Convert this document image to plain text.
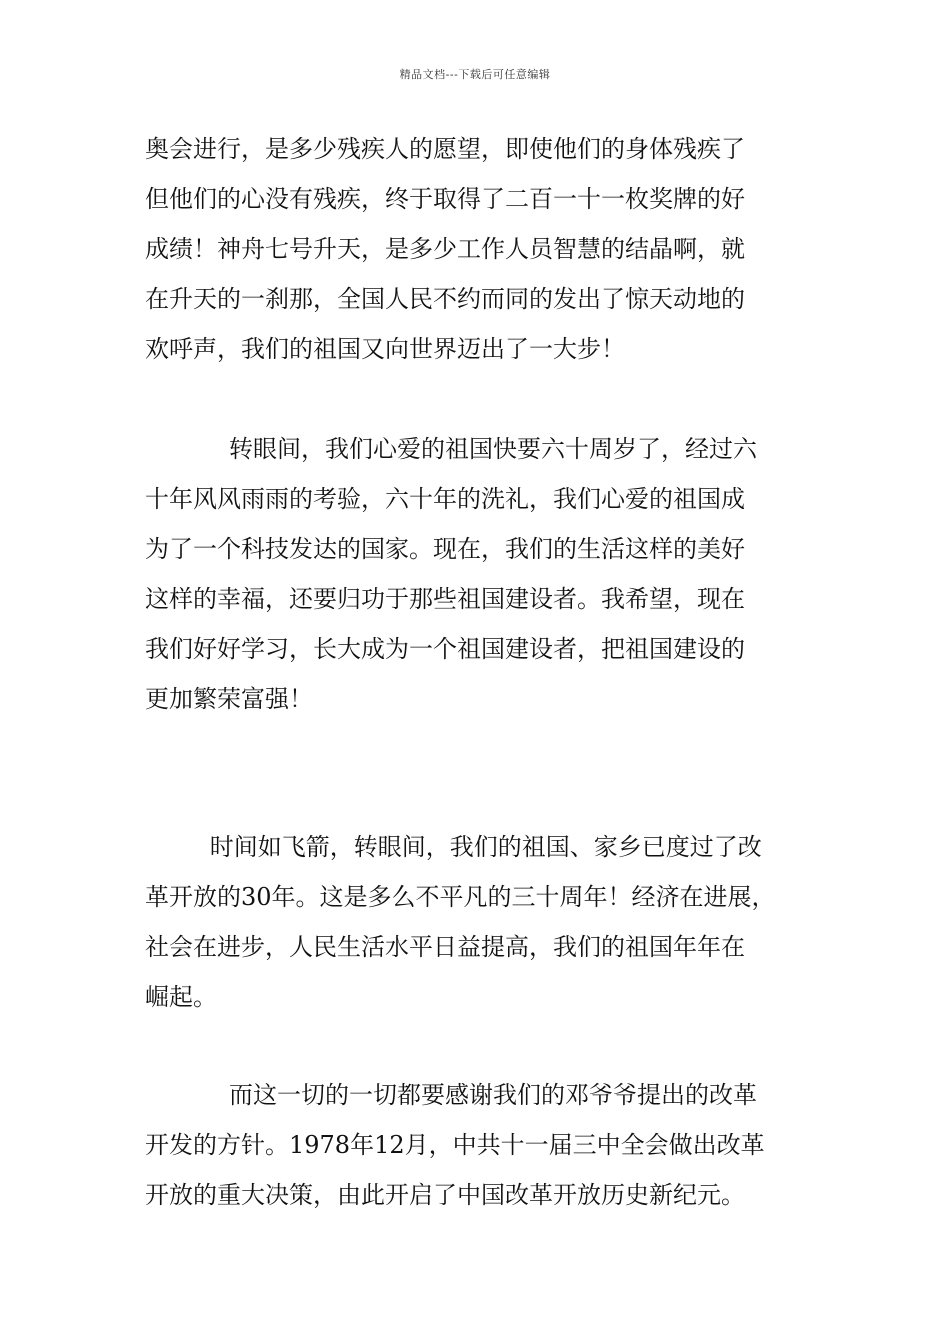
精品文档---下载后可任意编辑
奥会进行，是多少残疾人的愿望，即使他们的身体残疾了
但他们的心没有残疾，终于取得了二百一十一枚奖牌的好
成绩！神舟七号升天，是多少工作人员智慧的结晶啊，就
在升天的一刹那，全国人民不约而同的发出了惊天动地的
欢呼声，我们的祖国又向世界迈出了一大步！
转眼间，我们心爱的祖国快要六十周岁了，经过六
十年风风雨雨的考验，六十年的洗礼，我们心爱的祖国成
为了一个科技发达的国家。现在，我们的生活这样的美好
这样的幸福，还要归功于那些祖国建设者。我希望，现在
我们好好学习，长大成为一个祖国建设者，把祖国建设的
更加繁荣富强！
时间如飞箭，转眼间，我们的祖国、家乡已度过了改
革开放的30年。这是多么不平凡的三十周年！经济在进展，
社会在进步，人民生活水平日益提高，我们的祖国年年在
崛起。
而这一切的一切都要感谢我们的邓爷爷提出的改革
开发的方针。1978年12月，中共十一届三中全会做出改革
开放的重大决策，由此开启了中国改革开放历史新纪元。
